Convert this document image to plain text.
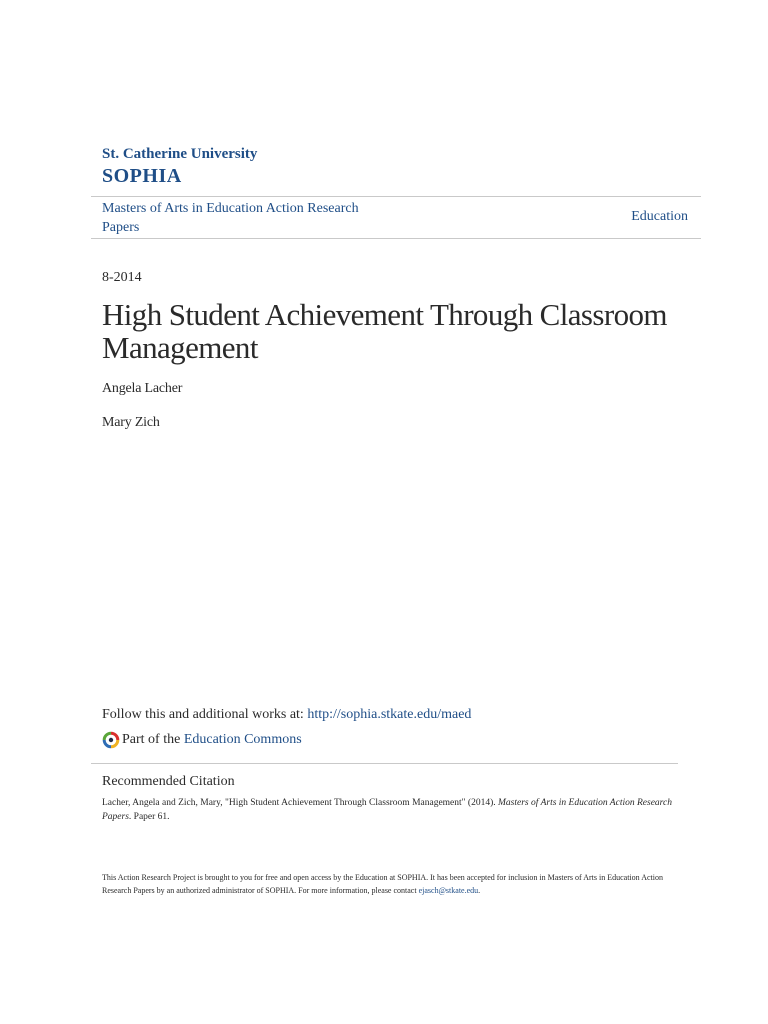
St. Catherine University
SOPHIA
Masters of Arts in Education Action Research Papers
Education
8-2014
High Student Achievement Through Classroom Management
Angela Lacher
Mary Zich
Follow this and additional works at: http://sophia.stkate.edu/maed
Part of the Education Commons
Recommended Citation
Lacher, Angela and Zich, Mary, "High Student Achievement Through Classroom Management" (2014). Masters of Arts in Education Action Research Papers. Paper 61.
This Action Research Project is brought to you for free and open access by the Education at SOPHIA. It has been accepted for inclusion in Masters of Arts in Education Action Research Papers by an authorized administrator of SOPHIA. For more information, please contact ejasch@stkate.edu.
